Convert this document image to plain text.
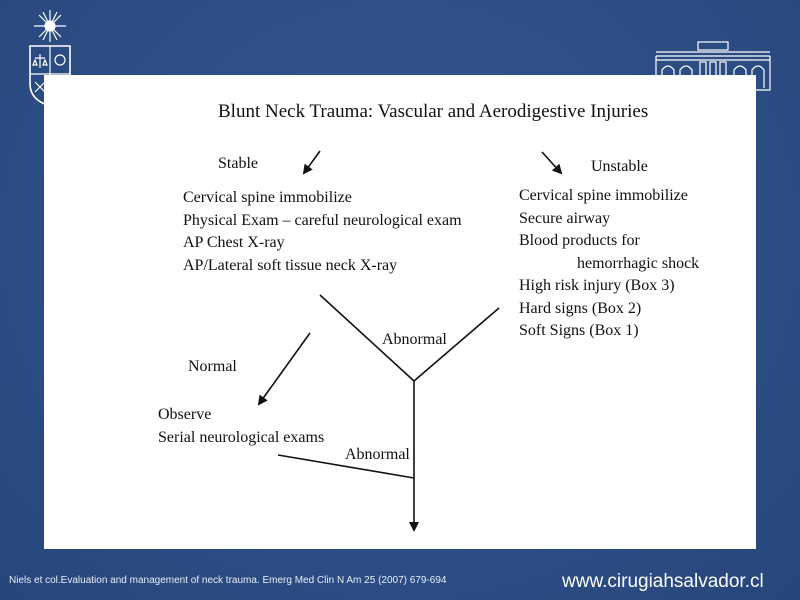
Blunt Neck Trauma: Vascular and Aerodigestive Injuries
Stable	Unstable
Cervical spine immobilize
Physical Exam – careful neurological exam
AP Chest X-ray
AP/Lateral soft tissue neck X-ray
Cervical spine immobilize
Secure airway
Blood products for
hemorrhagic shock
High risk injury (Box 3)
Hard signs (Box 2)
Soft Signs (Box 1)
Abnormal
Normal
Observe
Serial neurological exams
Abnormal
Niels et col.Evaluation and management of neck trauma. Emerg Med Clin N Am 25 (2007) 679-694	www.cirugiahsalvador.cl
